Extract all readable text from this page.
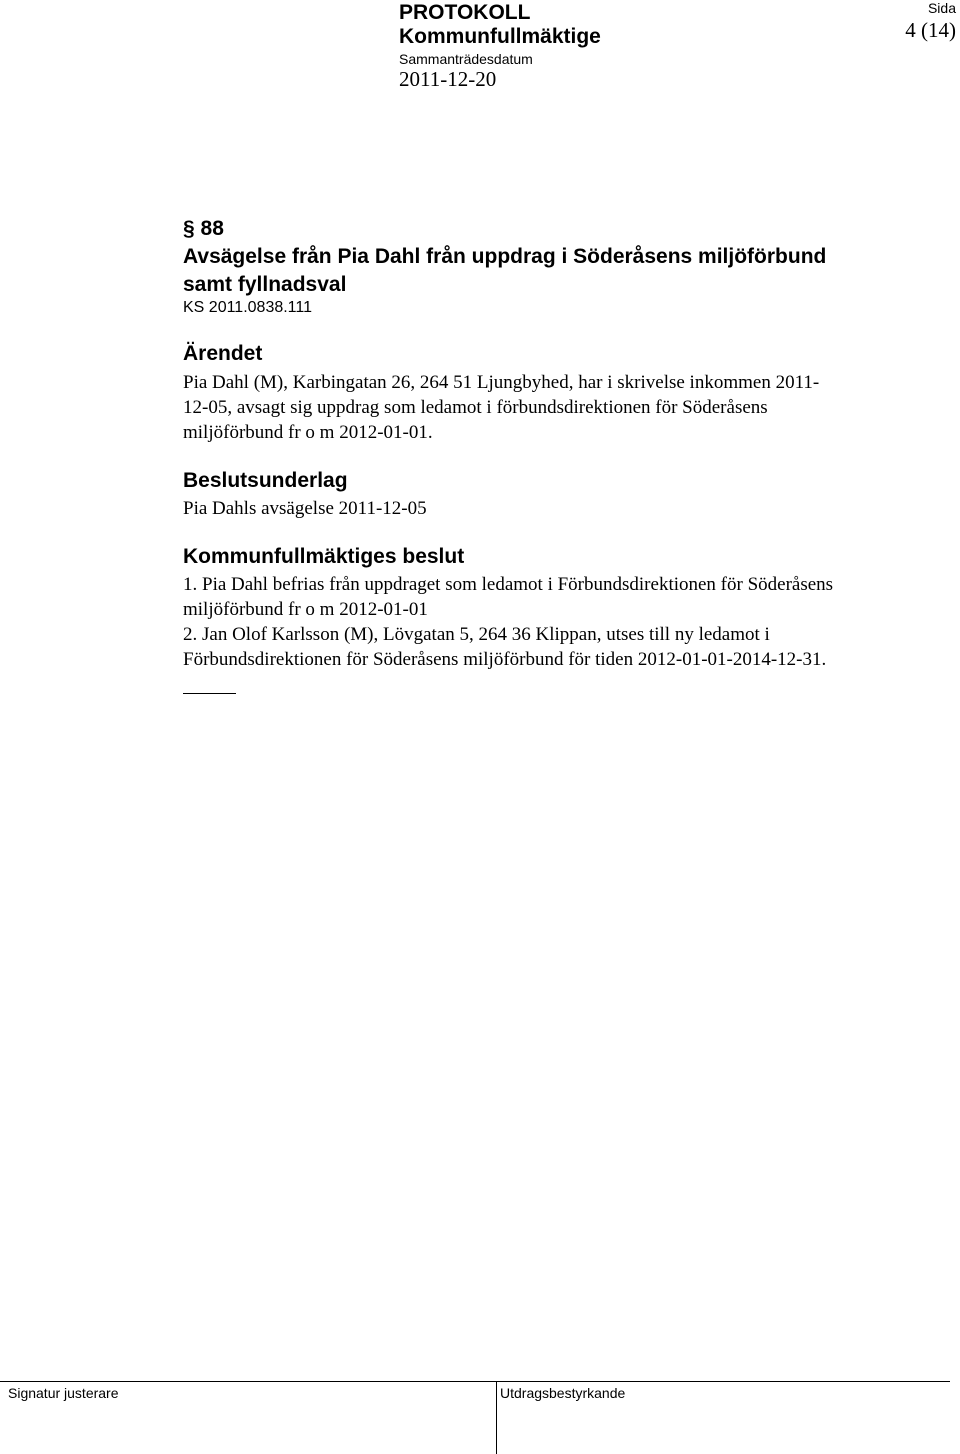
PROTOKOLL
Kommunfullmäktige
Sammanträdesdatum
2011-12-20
Sida
4 (14)
§ 88
Avsägelse från Pia Dahl från uppdrag i Söderåsens miljöförbund
samt fyllnadsval
KS 2011.0838.111
Ärendet
Pia Dahl (M), Karbingatan 26, 264 51 Ljungbyhed, har i skrivelse inkommen 2011-
12-05, avsagt sig uppdrag som ledamot i förbundsdirektionen för Söderåsens
miljöförbund fr o m 2012-01-01.
Beslutsunderlag
Pia Dahls avsägelse 2011-12-05
Kommunfullmäktiges beslut
1. Pia Dahl befrias från uppdraget som ledamot i Förbundsdirektionen för Söderåsens
miljöförbund fr o m 2012-01-01
2. Jan Olof Karlsson (M), Lövgatan 5, 264 36 Klippan, utses till ny ledamot i
Förbundsdirektionen för Söderåsens miljöförbund för tiden 2012-01-01-2014-12-31.
Signatur justerare	Utdragsbestyrkande
